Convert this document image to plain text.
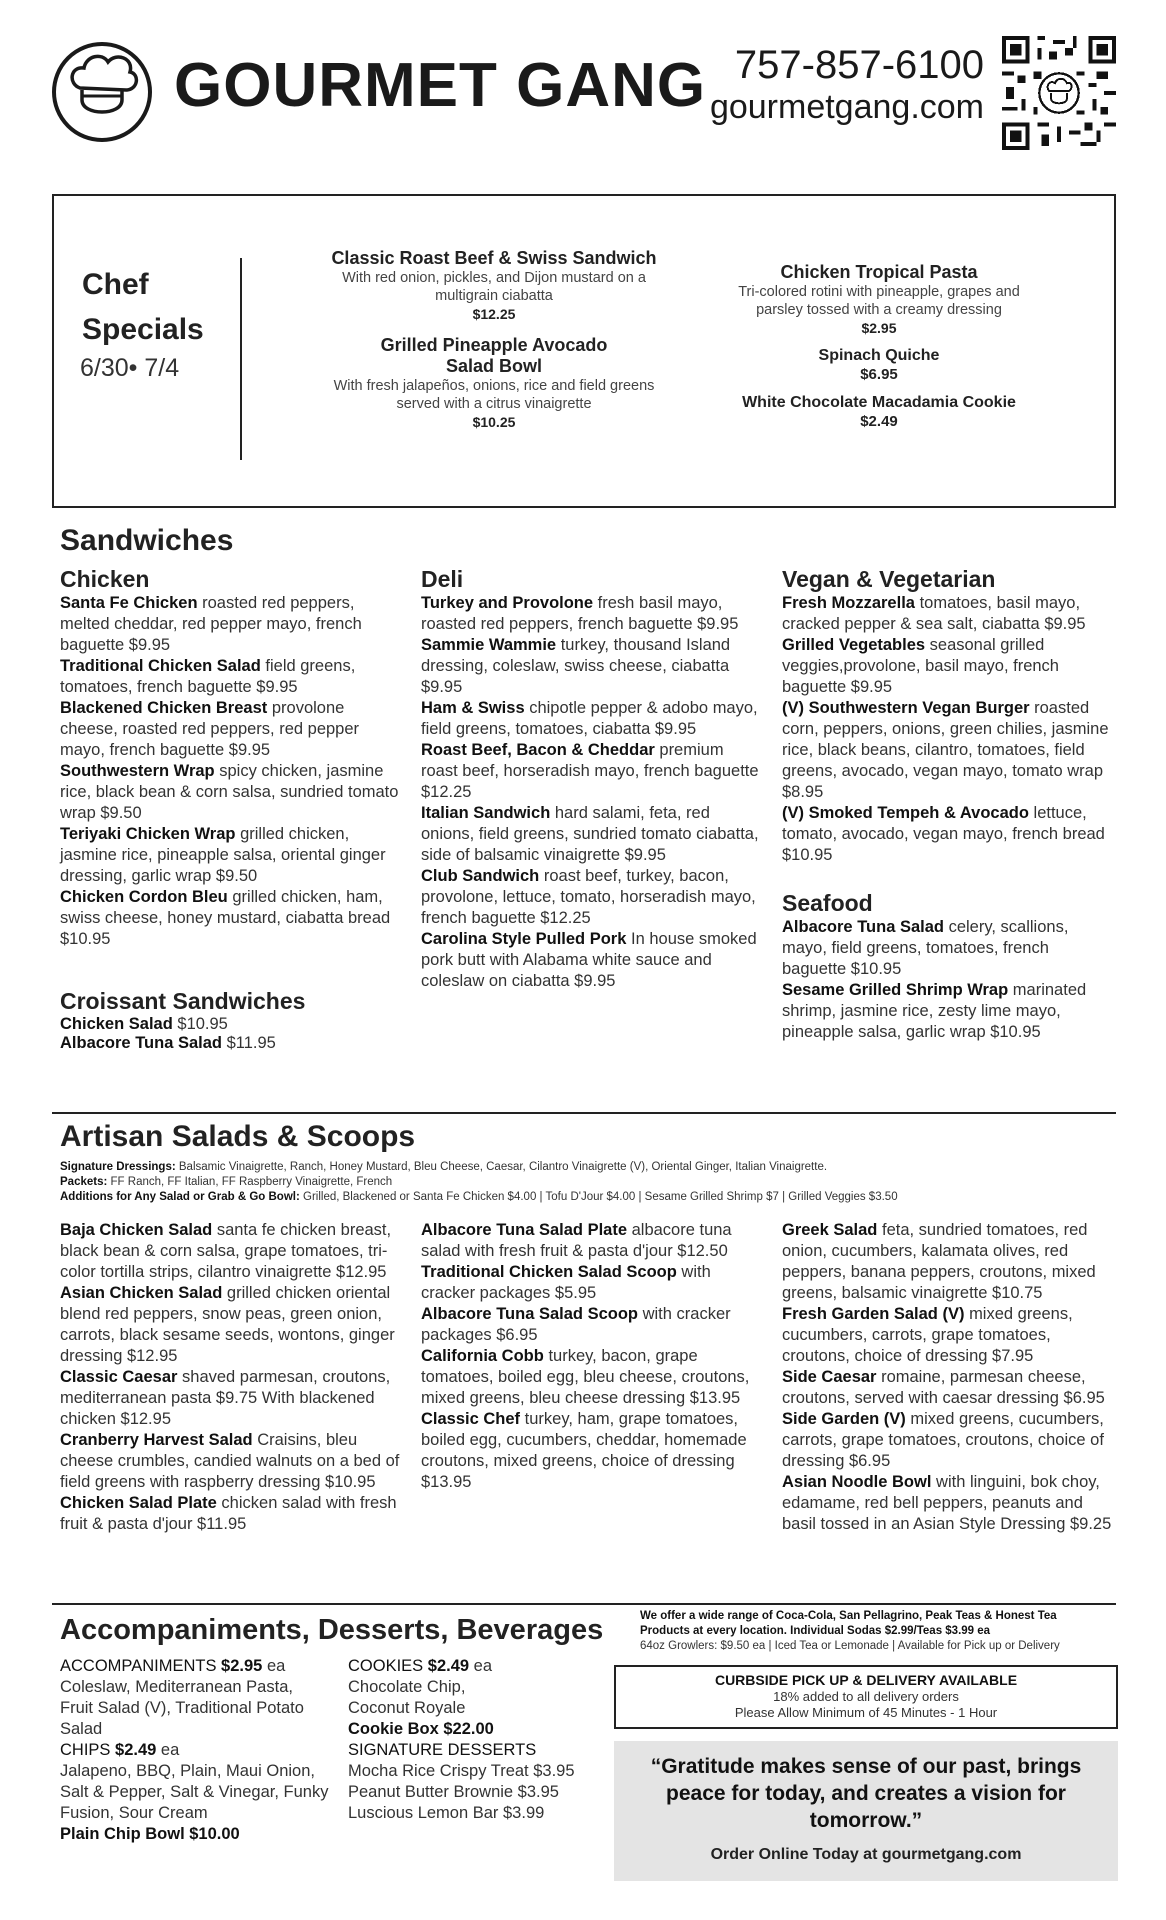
GOURMET GANG 757-857-6100
gourmetgang.com
Chef
Specials
6/30• 7/4
Classic Roast Beef & Swiss Sandwich
With red onion, pickles, and Dijon mustard on a multigrain ciabatta
$12.25
Grilled Pineapple Avocado Salad Bowl
With fresh jalapeños, onions, rice and field greens served with a citrus vinaigrette
$10.25
Chicken Tropical Pasta
Tri-colored rotini with pineapple, grapes and parsley tossed with a creamy dressing
$2.95
Spinach Quiche
$6.95
White Chocolate Macadamia Cookie
$2.49
Sandwiches
Chicken
Santa Fe Chicken roasted red peppers, melted cheddar, red pepper mayo, french baguette $9.95
Traditional Chicken Salad field greens, tomatoes, french baguette $9.95
Blackened Chicken Breast provolone cheese, roasted red peppers, red pepper mayo, french baguette $9.95
Southwestern Wrap spicy chicken, jasmine rice, black bean & corn salsa, sundried tomato wrap $9.50
Teriyaki Chicken Wrap grilled chicken, jasmine rice, pineapple salsa, oriental ginger dressing, garlic wrap $9.50
Chicken Cordon Bleu grilled chicken, ham, swiss cheese, honey mustard, ciabatta bread $10.95
Croissant Sandwiches
Chicken Salad $10.95
Albacore Tuna Salad $11.95
Deli
Turkey and Provolone fresh basil mayo, roasted red peppers, french baguette $9.95
Sammie Wammie turkey, thousand Island dressing, coleslaw, swiss cheese, ciabatta $9.95
Ham & Swiss chipotle pepper & adobo mayo, field greens, tomatoes, ciabatta $9.95
Roast Beef, Bacon & Cheddar premium roast beef, horseradish mayo, french baguette $12.25
Italian Sandwich hard salami, feta, red onions, field greens, sundried tomato ciabatta, side of balsamic vinaigrette $9.95
Club Sandwich roast beef, turkey, bacon, provolone, lettuce, tomato, horseradish mayo, french baguette $12.25
Carolina Style Pulled Pork In house smoked pork butt with Alabama white sauce and coleslaw on ciabatta $9.95
Vegan & Vegetarian
Fresh Mozzarella tomatoes, basil mayo, cracked pepper & sea salt, ciabatta $9.95
Grilled Vegetables seasonal grilled veggies,provolone, basil mayo, french baguette $9.95
(V) Southwestern Vegan Burger roasted corn, peppers, onions, green chilies, jasmine rice, black beans, cilantro, tomatoes, field greens, avocado, vegan mayo, tomato wrap $8.95
(V) Smoked Tempeh & Avocado lettuce, tomato, avocado, vegan mayo, french bread $10.95
Seafood
Albacore Tuna Salad celery, scallions, mayo, field greens, tomatoes, french baguette $10.95
Sesame Grilled Shrimp Wrap marinated shrimp, jasmine rice, zesty lime mayo, pineapple salsa, garlic wrap $10.95
Artisan Salads & Scoops
Signature Dressings: Balsamic Vinaigrette, Ranch, Honey Mustard, Bleu Cheese, Caesar, Cilantro Vinaigrette (V), Oriental Ginger, Italian Vinaigrette.
Packets: FF Ranch, FF Italian, FF Raspberry Vinaigrette, French
Additions for Any Salad or Grab & Go Bowl: Grilled, Blackened or Santa Fe Chicken $4.00 | Tofu D'Jour $4.00 | Sesame Grilled Shrimp $7 | Grilled Veggies $3.50
Baja Chicken Salad santa fe chicken breast, black bean & corn salsa, grape tomatoes, tri-color tortilla strips, cilantro vinaigrette $12.95
Asian Chicken Salad grilled chicken oriental blend red peppers, snow peas, green onion, carrots, black sesame seeds, wontons, ginger dressing $12.95
Classic Caesar shaved parmesan, croutons, mediterranean pasta $9.75 With blackened chicken $12.95
Cranberry Harvest Salad Craisins, bleu cheese crumbles, candied walnuts on a bed of field greens with raspberry dressing $10.95
Chicken Salad Plate chicken salad with fresh fruit & pasta d'jour $11.95
Albacore Tuna Salad Plate albacore tuna salad with fresh fruit & pasta d'jour $12.50
Traditional Chicken Salad Scoop with cracker packages $5.95
Albacore Tuna Salad Scoop with cracker packages $6.95
California Cobb turkey, bacon, grape tomatoes, boiled egg, bleu cheese, croutons, mixed greens, bleu cheese dressing $13.95
Classic Chef turkey, ham, grape tomatoes, boiled egg, cucumbers, cheddar, homemade croutons, mixed greens, choice of dressing $13.95
Greek Salad feta, sundried tomatoes, red onion, cucumbers, kalamata olives, red peppers, banana peppers, croutons, mixed greens, balsamic vinaigrette $10.75
Fresh Garden Salad (V) mixed greens, cucumbers, carrots, grape tomatoes, croutons, choice of dressing $7.95
Side Caesar romaine, parmesan cheese, croutons, served with caesar dressing $6.95
Side Garden (V) mixed greens, cucumbers, carrots, grape tomatoes, croutons, choice of dressing $6.95
Asian Noodle Bowl with linguini, bok choy, edamame, red bell peppers, peanuts and basil tossed in an Asian Style Dressing $9.25
Accompaniments, Desserts, Beverages	We offer a wide range of Coca-Cola, San Pellagrino, Peak Teas & Honest Tea
Products at every location. Individual Sodas $2.99/Teas $3.99 ea
64oz Growlers: $9.50 ea | Iced Tea or Lemonade | Available for Pick up or Delivery
ACCOMPANIMENTS $2.95 ea
Coleslaw, Mediterranean Pasta, Fruit Salad (V), Traditional Potato Salad
CHIPS $2.49 ea
Jalapeno, BBQ, Plain, Maui Onion, Salt & Pepper, Salt & Vinegar, Funky Fusion, Sour Cream
Plain Chip Bowl $10.00
COOKIES $2.49 ea
Chocolate Chip,
Coconut Royale
Cookie Box $22.00
SIGNATURE DESSERTS
Mocha Rice Crispy Treat $3.95
Peanut Butter Brownie $3.95
Luscious Lemon Bar $3.99
CURBSIDE PICK UP & DELIVERY AVAILABLE
18% added to all delivery orders
Please Allow Minimum of 45 Minutes - 1 Hour
“Gratitude makes sense of our past, brings peace for today, and creates a vision for tomorrow.”
Order Online Today at gourmetgang.com
